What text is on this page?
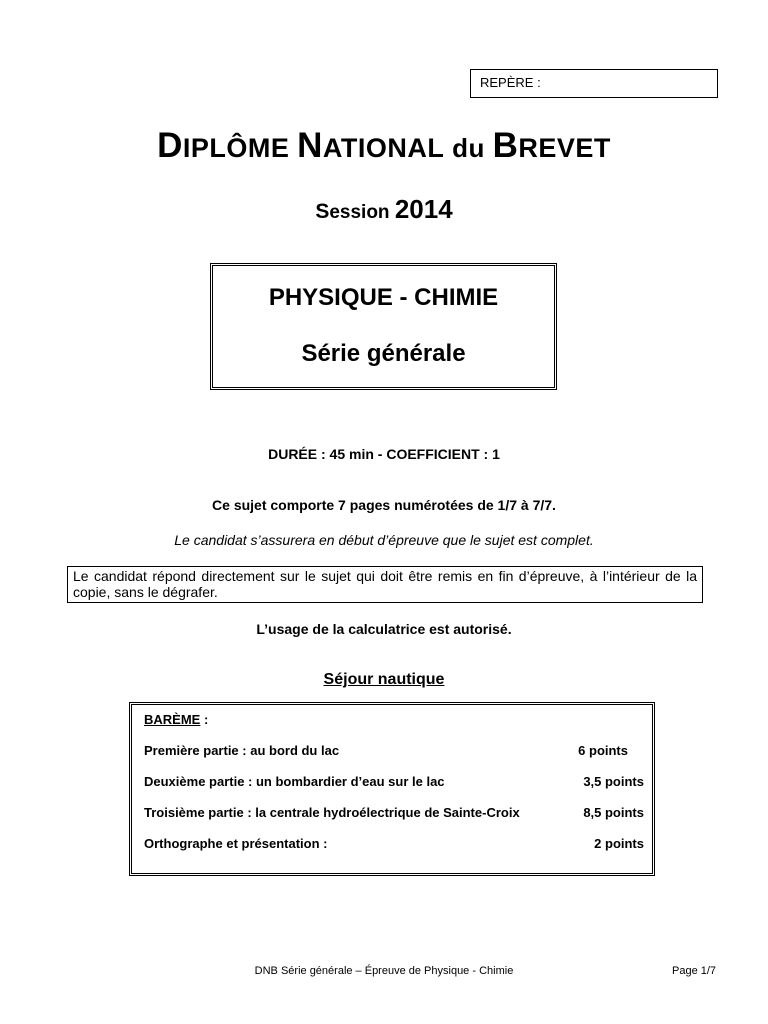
REPÈRE :
DIPLÔME NATIONAL du BREVET
Session 2014
PHYSIQUE - CHIMIE
Série générale
DURÉE : 45 min - COEFFICIENT : 1
Ce sujet comporte 7 pages numérotées de 1/7 à 7/7.
Le candidat s’assurera en début d’épreuve que le sujet est complet.
Le candidat répond directement sur le sujet qui doit être remis en fin d’épreuve, à l’intérieur de la copie, sans le dégrafer.
L’usage de la calculatrice est autorisé.
Séjour nautique
BARÈME :
Première partie : au bord du lac	6 points
Deuxième partie : un bombardier d’eau sur le lac	3,5 points
Troisième partie : la centrale hydroélectrique de Sainte-Croix	8,5 points
Orthographe et présentation :	2 points
DNB Série générale – Épreuve de Physique - Chimie	Page 1/7
